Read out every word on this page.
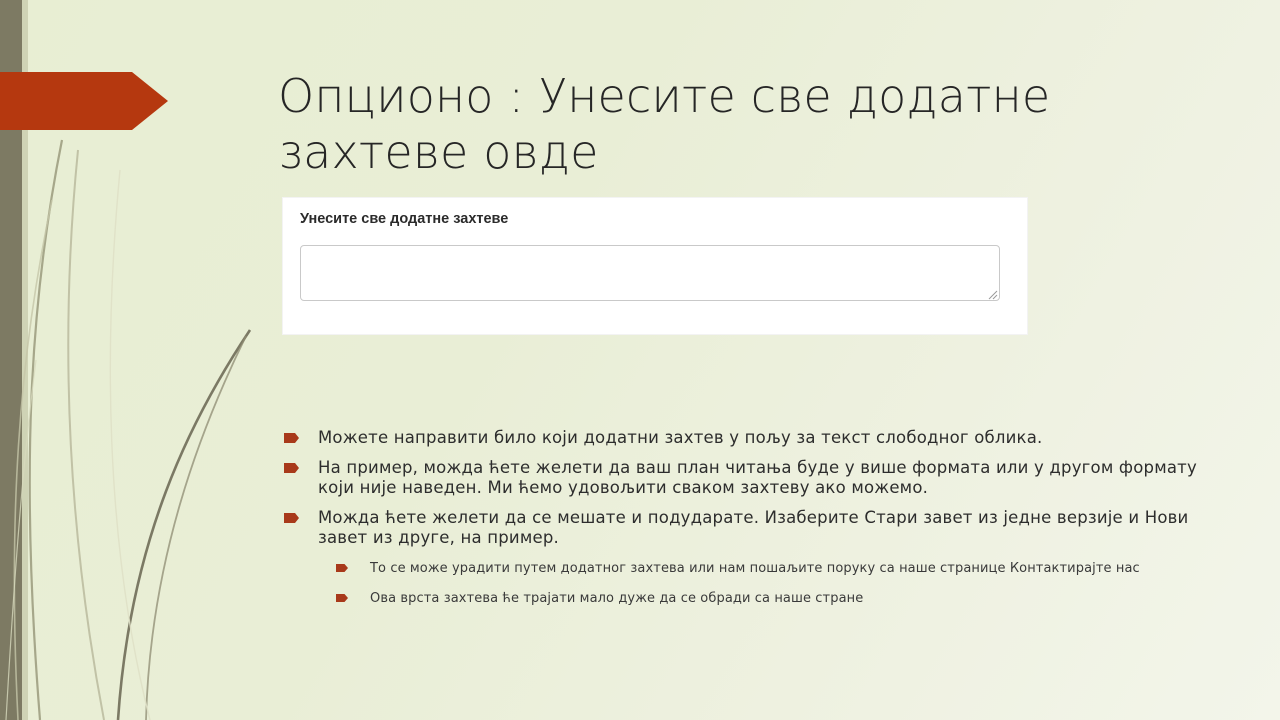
Опционо : Унесите све додатне захтеве овде
Унесите све додатне захтеве
Можете направити било који додатни захтев у пољу за текст слободног облика.
На пример, можда ћете желети да ваш план читања буде у више формата или у другом формату који није наведен. Ми ћемо удовољити сваком захтеву ако можемо.
Можда ћете желети да се мешате и подударате. Изаберите Стари завет из једне верзије и Нови завет из друге, на пример.
То се може урадити путем додатног захтева или нам пошаљите поруку са наше странице Контактирајте нас
Ова врста захтева ће трајати мало дуже да се обради са наше стране
